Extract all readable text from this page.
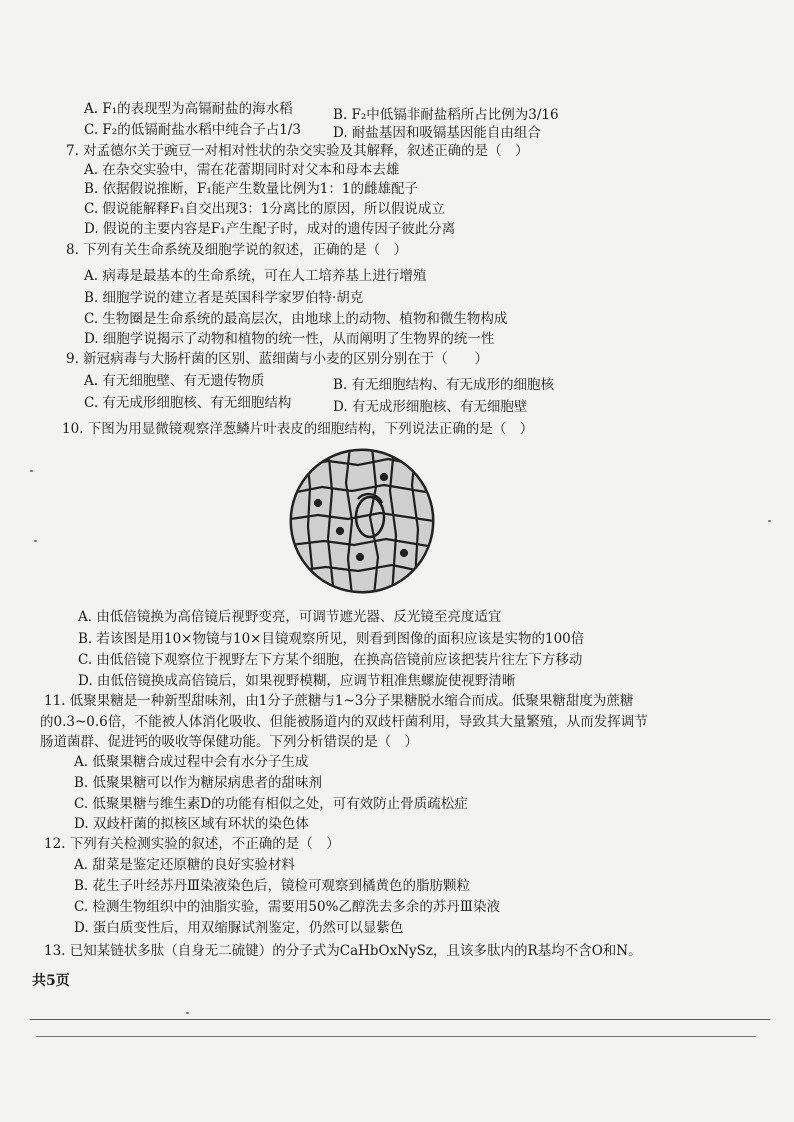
A. F₁的表现型为高镉耐盐的海水稻	B. F₂中低镉非耐盐稻所占比例为3/16
C. F₂的低镉耐盐水稻中纯合子占1/3 D. 耐盐基因和吸镉基因能自由组合
7. 对孟德尔关于豌豆一对相对性状的杂交实验及其解释，叙述正确的是（　）
A. 在杂交实验中，需在花蕾期同时对父本和母本去雄
B. 依据假说推断，F₁能产生数量比例为1：1的雌雄配子
C. 假说能解释F₁自交出现3：1分离比的原因，所以假说成立
D. 假说的主要内容是F₁产生配子时，成对的遗传因子彼此分离
8. 下列有关生命系统及细胞学说的叙述，正确的是（　）
A. 病毒是最基本的生命系统，可在人工培养基上进行增殖
B. 细胞学说的建立者是英国科学家罗伯特·胡克
C. 生物圈是生命系统的最高层次，由地球上的动物、植物和微生物构成
D. 细胞学说揭示了动物和植物的统一性，从而阐明了生物界的统一性
9. 新冠病毒与大肠杆菌的区别、蓝细菌与小麦的区别分别在于（　　）
A. 有无细胞壁、有无遗传物质	B. 有无细胞结构、有无成形的细胞核
C. 有无成形细胞核、有无细胞结构	D. 有无成形细胞核、有无细胞壁
10. 下图为用显微镜观察洋葱鳞片叶表皮的细胞结构，下列说法正确的是（　）
A. 由低倍镜换为高倍镜后视野变亮，可调节遮光器、反光镜至亮度适宜
B. 若该图是用10×物镜与10×目镜观察所见，则看到图像的面积应该是实物的100倍
C. 由低倍镜下观察位于视野左下方某个细胞，在换高倍镜前应该把装片往左下方移动
D. 由低倍镜换成高倍镜后，如果视野模糊，应调节粗准焦螺旋使视野清晰
11. 低聚果糖是一种新型甜味剂，由1分子蔗糖与1~3分子果糖脱水缩合而成。低聚果糖甜度为蔗糖
的0.3~0.6倍，不能被人体消化吸收、但能被肠道内的双歧杆菌利用，导致其大量繁殖，从而发挥调节
肠道菌群、促进钙的吸收等保健功能。下列分析错误的是（　）
A. 低聚果糖合成过程中会有水分子生成
B. 低聚果糖可以作为糖尿病患者的甜味剂
C. 低聚果糖与维生素D的功能有相似之处，可有效防止骨质疏松症
D. 双歧杆菌的拟核区域有环状的染色体
12. 下列有关检测实验的叙述，不正确的是（　）
A. 甜菜是鉴定还原糖的良好实验材料
B. 花生子叶经苏丹Ⅲ染液染色后，镜检可观察到橘黄色的脂肪颗粒
C. 检测生物组织中的油脂实验，需要用50%乙醇洗去多余的苏丹Ⅲ染液
D. 蛋白质变性后，用双缩脲试剂鉴定，仍然可以显紫色
13. 已知某链状多肽（自身无二硫键）的分子式为CaHbOxNySz，且该多肽内的R基均不含O和N。
共5页
